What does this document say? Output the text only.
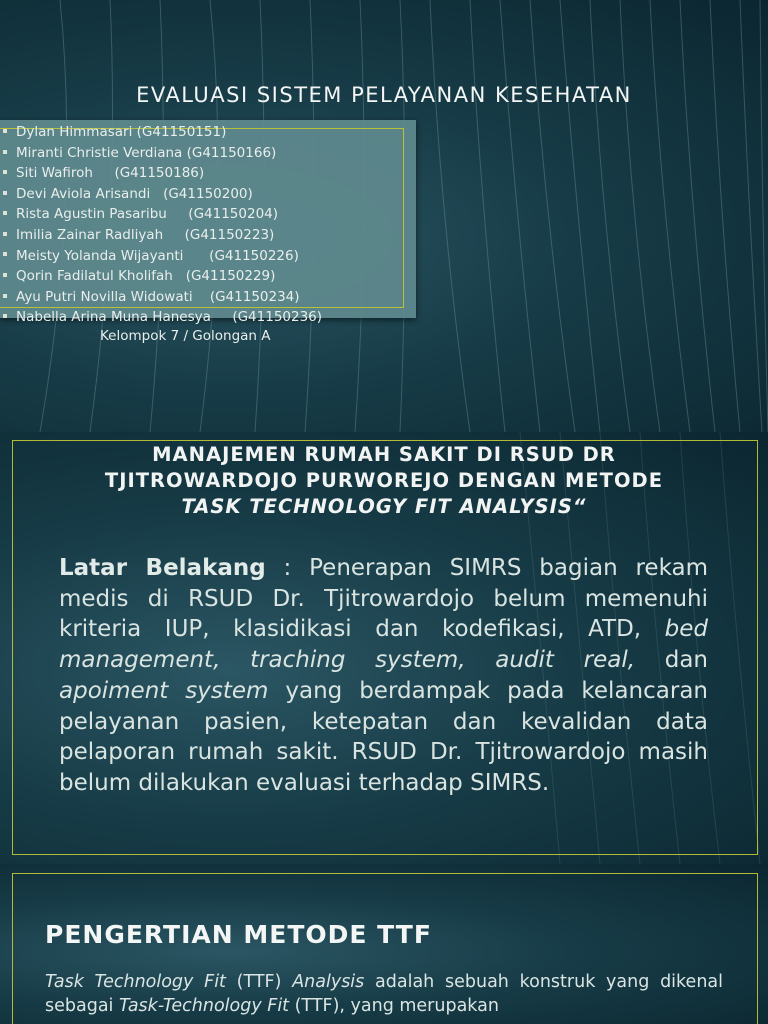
EVALUASI SISTEM PELAYANAN KESEHATAN
Dylan Himmasari (G41150151)
Miranti Christie Verdiana (G41150166)
Siti Wafiroh     (G41150186)
Devi Aviola Arisandi   (G41150200)
Rista Agustin Pasaribu     (G41150204)
Imilia Zainar Radliyah     (G41150223)
Meisty Yolanda Wijayanti      (G41150226)
Qorin Fadilatul Kholifah   (G41150229)
Ayu Putri Novilla Widowati    (G41150234)
Nabella Arina Muna Hanesya     (G41150236)
Kelompok 7 / Golongan A
MANAJEMEN RUMAH SAKIT DI RSUD DR
TJITROWARDOJO PURWOREJO DENGAN METODE
TASK TECHNOLOGY FIT ANALYSIS“
Latar Belakang : Penerapan SIMRS bagian rekam medis di RSUD Dr. Tjitrowardojo belum memenuhi kriteria IUP, klasidikasi dan kodefikasi, ATD, bed management, traching system, audit real, dan apoiment system yang berdampak pada kelancaran pelayanan pasien, ketepatan dan kevalidan data pelaporan rumah sakit. RSUD Dr. Tjitrowardojo masih belum dilakukan evaluasi terhadap SIMRS.
PENGERTIAN METODE TTF
Task Technology Fit (TTF) Analysis adalah sebuah konstruk yang dikenal sebagai Task-Technology Fit (TTF), yang merupakan
